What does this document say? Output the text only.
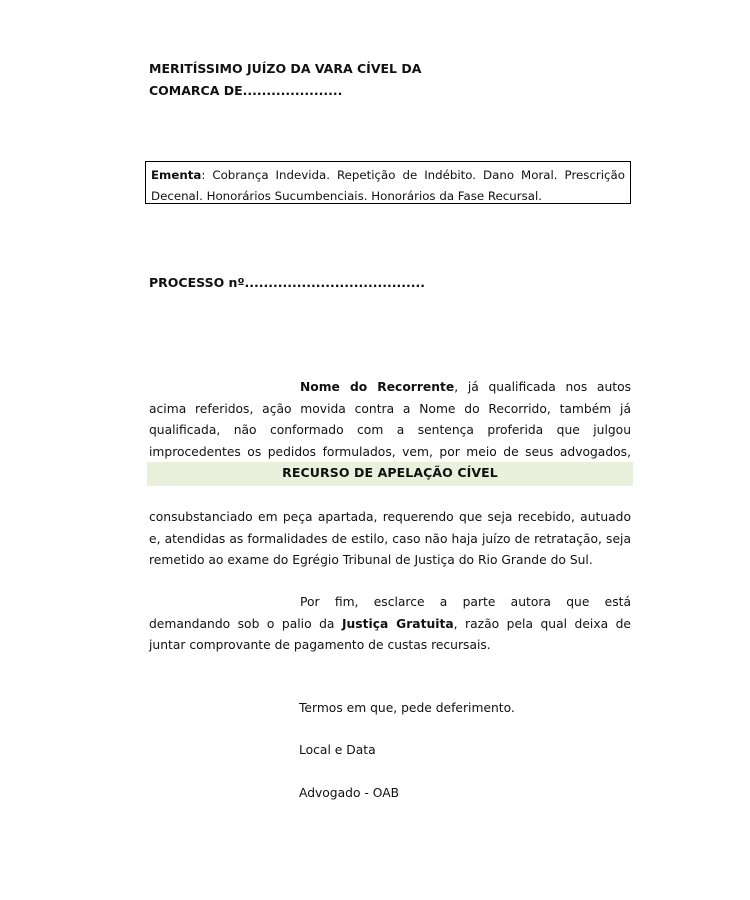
MERITÍSSIMO JUÍZO DA VARA CÍVEL DA
COMARCA DE.....................
Ementa: Cobrança Indevida. Repetição de Indébito. Dano Moral. Prescrição Decenal. Honorários Sucumbenciais. Honorários da Fase Recursal.
PROCESSO nº......................................
Nome do Recorrente, já qualificada nos autos acima referidos, ação movida contra a Nome do Recorrido, também já qualificada, não conformado com a sentença proferida que julgou improcedentes os pedidos formulados, vem, por meio de seus advogados,
RECURSO DE APELAÇÃO CÍVEL
consubstanciado em peça apartada, requerendo que seja recebido, autuado e, atendidas as formalidades de estilo, caso não haja juízo de retratação, seja remetido ao exame do Egrégio Tribunal de Justiça do Rio Grande do Sul.
Por fim, esclarce a parte autora que está demandando sob o palio da Justiça Gratuita, razão pela qual deixa de juntar comprovante de pagamento de custas recursais.
Termos em que, pede deferimento.
Local e Data
Advogado - OAB
